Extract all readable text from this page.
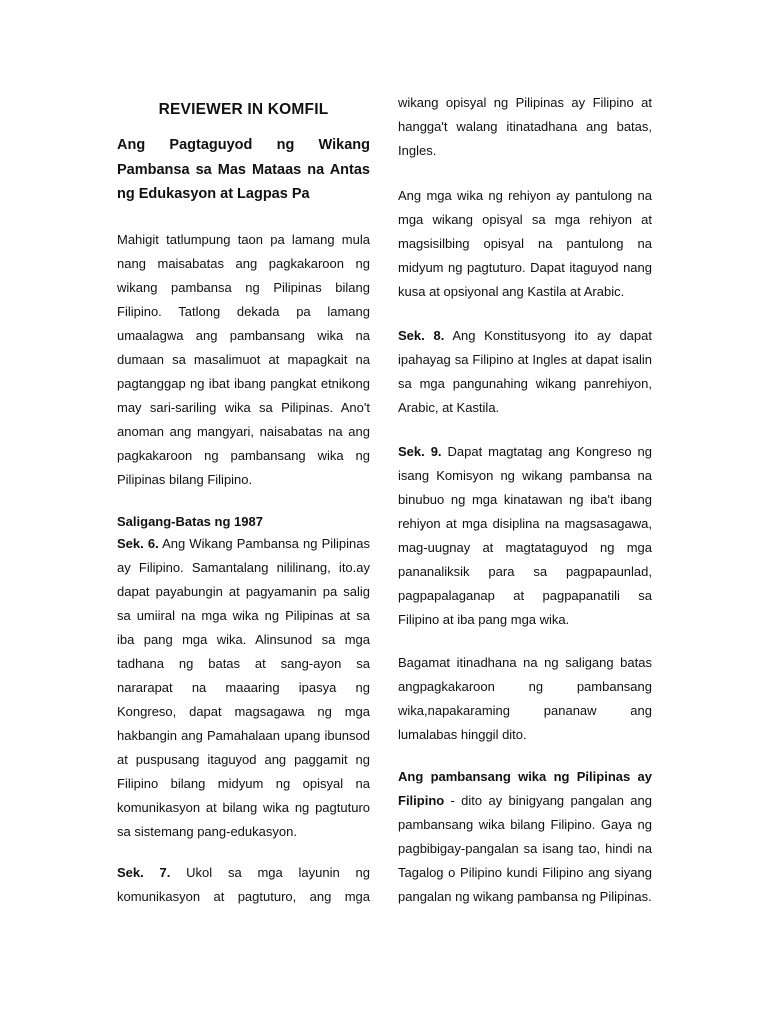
REVIEWER IN KOMFIL

Ang Pagtaguyod ng Wikang Pambansa sa Mas Mataas na Antas ng Edukasyon at Lagpas Pa

Mahigit tatlumpung taon pa lamang mula nang maisabatas ang pagkakaroon ng wikang pambansa ng Pilipinas bilang Filipino. Tatlong dekada pa lamang umaalagwa ang pambansang wika na dumaan sa masalimuot at mapagkait na pagtanggap ng ibat ibang pangkat etnikong may sari-sariling wika sa Pilipinas. Ano't anoman ang mangyari, naisabatas na ang pagkakaroon ng pambansang wika ng Pilipinas bilang Filipino.

Saligang-Batas ng 1987

Sek. 6. Ang Wikang Pambansa ng Pilipinas ay Filipino. Samantalang nililinang, ito.ay dapat payabungin at pagyamanin pa salig sa umiiral na mga wika ng Pilipinas at sa iba pang mga wika. Alinsunod sa mga tadhana ng batas at sang-ayon sa nararapat na maaaring ipasya ng Kongreso, dapat magsagawa ng mga hakbangin ang Pamahalaan upang ibunsod at puspusang itaguyod ang paggamit ng Filipino bilang midyum ng opisyal na komunikasyon at bilang wika ng pagtuturo sa sistemang pang-edukasyon.

Sek. 7. Ukol sa mga layunin ng komunikasyon at pagtuturo, ang mga

wikang opisyal ng Pilipinas ay Filipino at hangga't walang itinatadhana ang batas, Ingles.

Ang mga wika ng rehiyon ay pantulong na mga wikang opisyal sa mga rehiyon at magsisilbing opisyal na pantulong na midyum ng pagtuturo. Dapat itaguyod nang kusa at opsiyonal ang Kastila at Arabic.

Sek. 8. Ang Konstitusyong ito ay dapat ipahayag sa Filipino at Ingles at dapat isalin sa mga pangunahing wikang panrehiyon, Arabic, at Kastila.

Sek. 9. Dapat magtatag ang Kongreso ng isang Komisyon ng wikang pambansa na binubuo ng mga kinatawan ng iba't ibang rehiyon at mga disiplina na magsasagawa, mag-uugnay at magtataguyod ng mga pananaliksik para sa pagpapaunlad, pagpapalaganap at pagpapanatili sa Filipino at iba pang mga wika.

Bagamat itinadhana na ng saligang batas angpagkakaroon ng pambansang wika,napakaraming pananaw ang lumalabas hinggil dito.

Ang pambansang wika ng Pilipinas ay Filipino - dito ay binigyang pangalan ang pambansang wika bilang Filipino. Gaya ng pagbibigay-pangalan sa isang tao, hindi na Tagalog o Pilipino kundi Filipino ang siyang pangalan ng wikang pambansa ng Pilipinas.
